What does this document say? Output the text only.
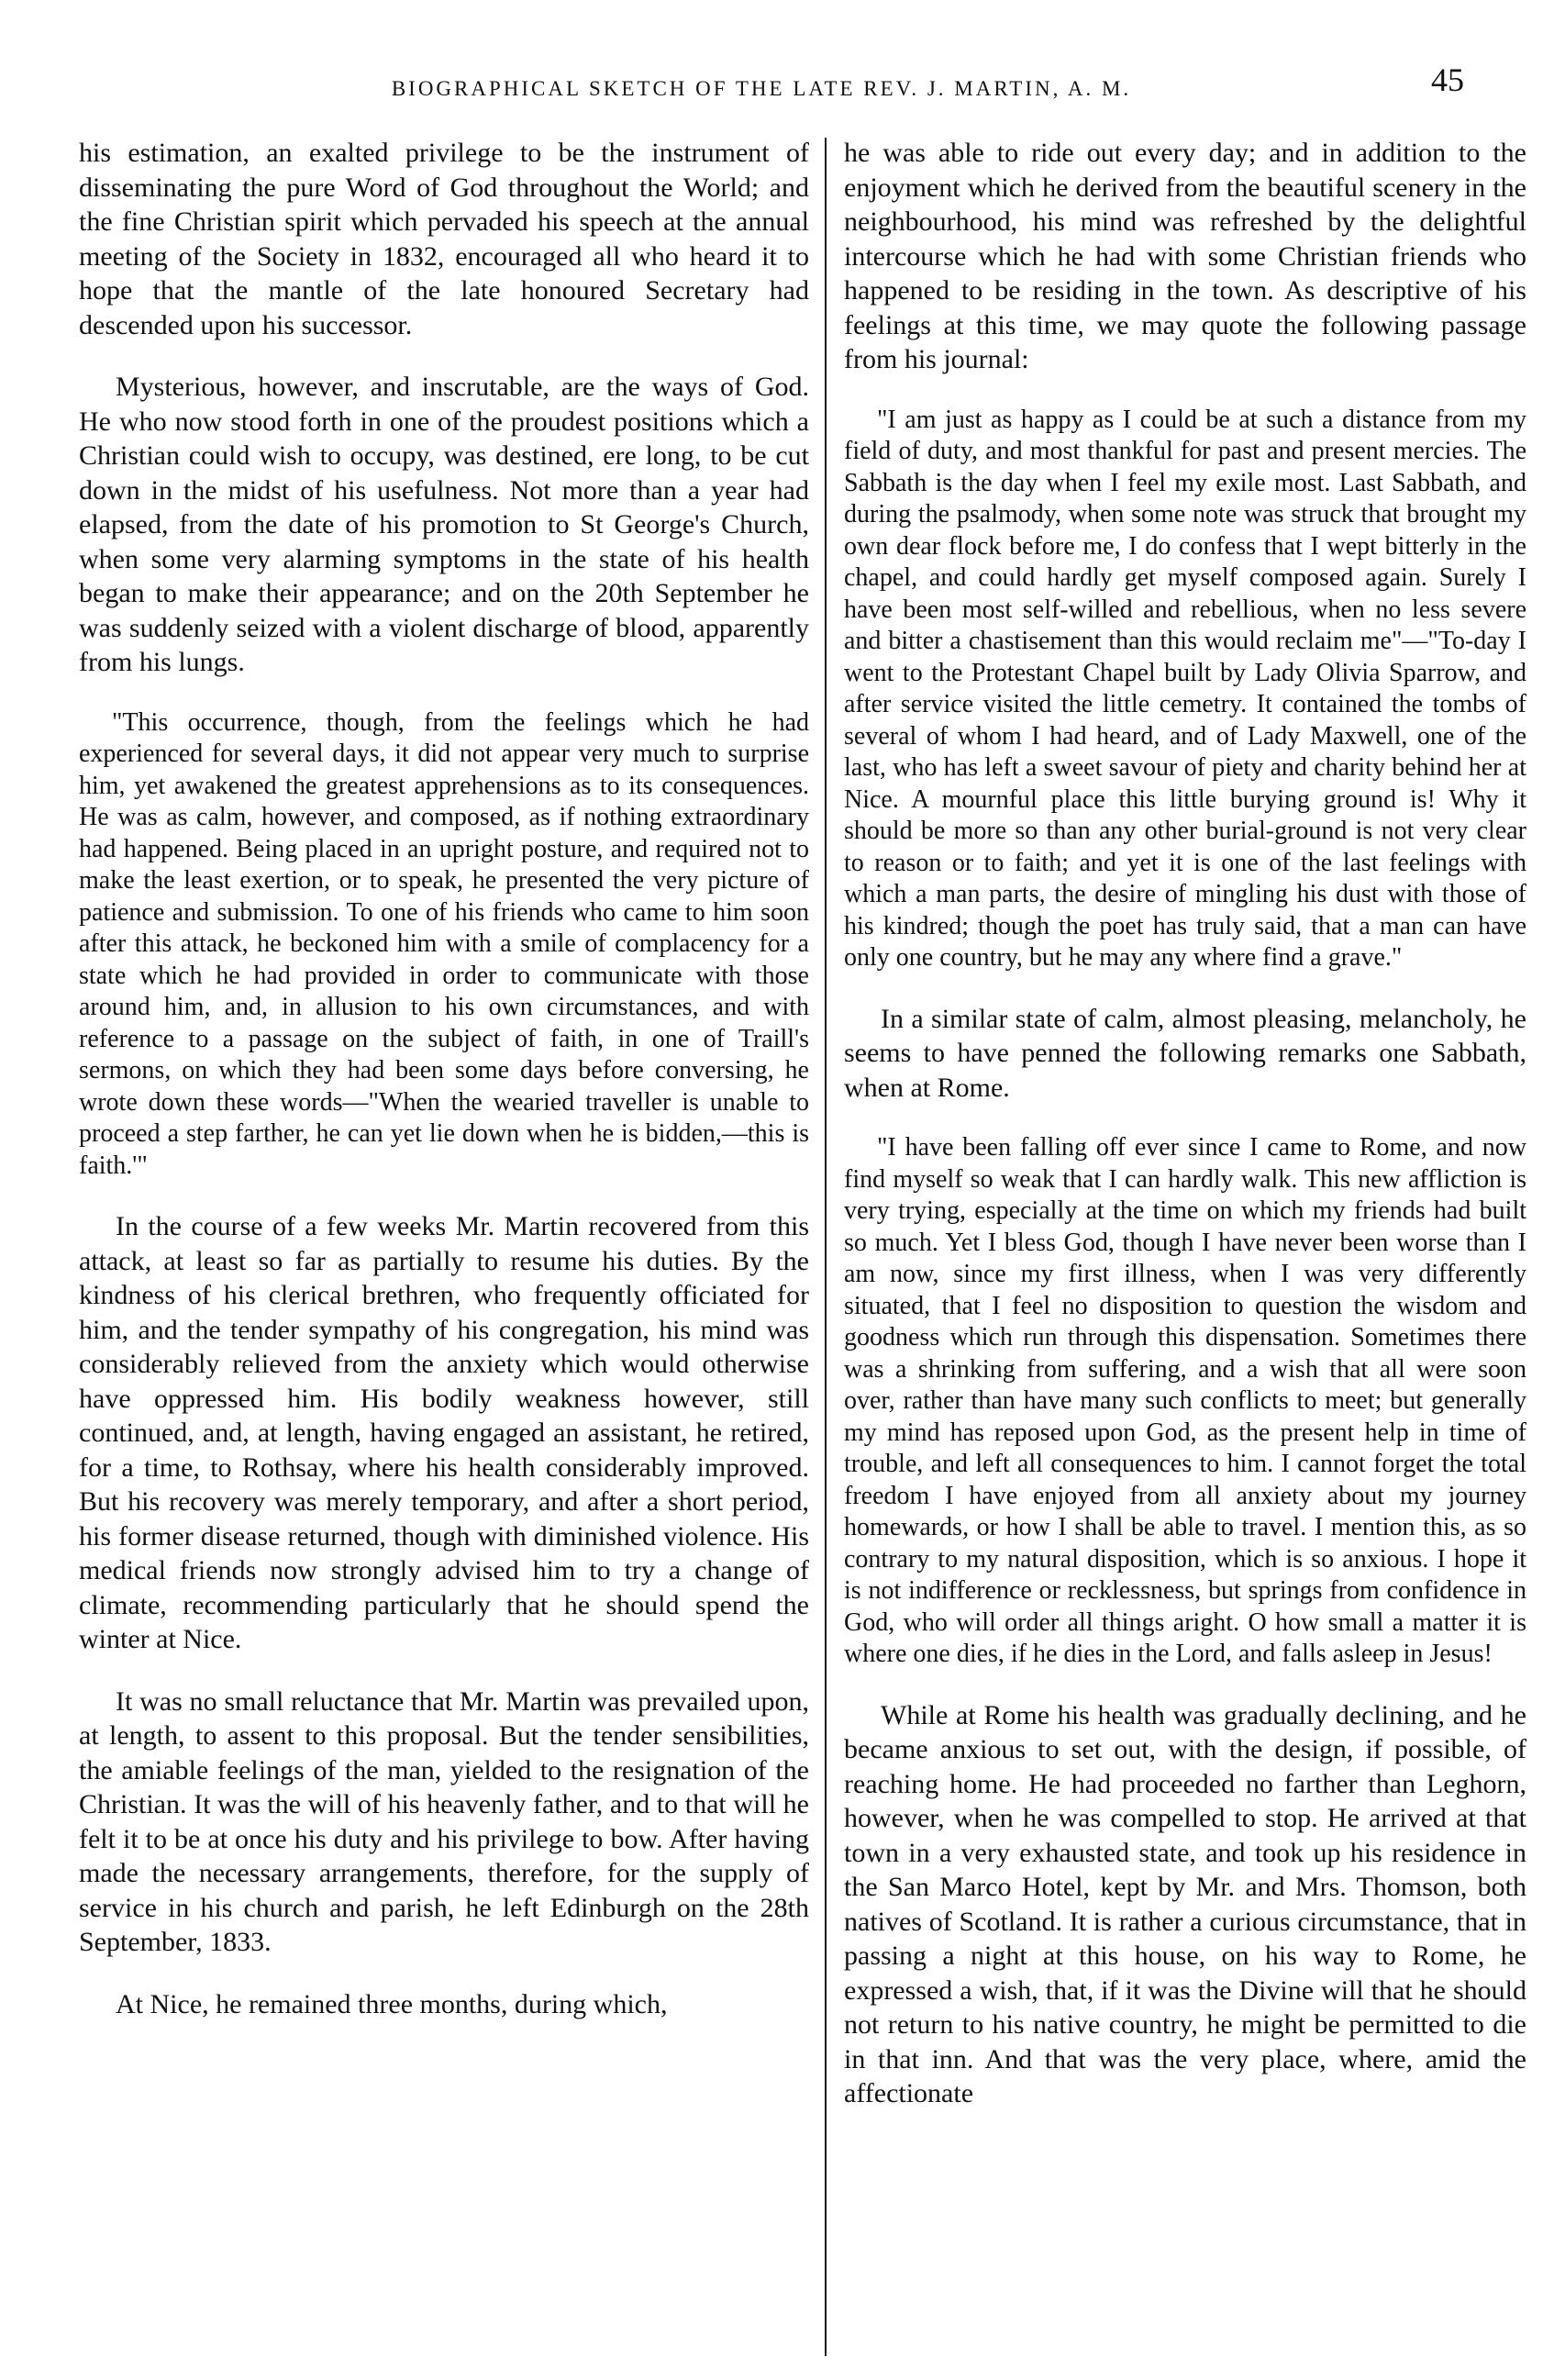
BIOGRAPHICAL SKETCH OF THE LATE REV. J. MARTIN, A. M.	45

his estimation, an exalted privilege to be the instrument of disseminating the pure Word of God throughout the World; and the fine Christian spirit which pervaded his speech at the annual meeting of the Society in 1832, encouraged all who heard it to hope that the mantle of the late honoured Secretary had descended upon his successor.

Mysterious, however, and inscrutable, are the ways of God. He who now stood forth in one of the proudest positions which a Christian could wish to occupy, was destined, ere long, to be cut down in the midst of his usefulness. Not more than a year had elapsed, from the date of his promotion to St George's Church, when some very alarming symptoms in the state of his health began to make their appearance; and on the 20th September he was suddenly seized with a violent discharge of blood, apparently from his lungs.

"This occurrence, though, from the feelings which he had experienced for several days, it did not appear very much to surprise him, yet awakened the greatest apprehensions as to its consequences. He was as calm, however, and composed, as if nothing extraordinary had happened. Being placed in an upright posture, and required not to make the least exertion, or to speak, he presented the very picture of patience and submission. To one of his friends who came to him soon after this attack, he beckoned him with a smile of complacency for a state which he had provided in order to communicate with those around him, and, in allusion to his own circumstances, and with reference to a passage on the subject of faith, in one of Traill's sermons, on which they had been some days before conversing, he wrote down these words—"When the wearied traveller is unable to proceed a step farther, he can yet lie down when he is bidden,—this is faith.'"

In the course of a few weeks Mr. Martin recovered from this attack, at least so far as partially to resume his duties. By the kindness of his clerical brethren, who frequently officiated for him, and the tender sympathy of his congregation, his mind was considerably relieved from the anxiety which would otherwise have oppressed him. His bodily weakness however, still continued, and, at length, having engaged an assistant, he retired, for a time, to Rothsay, where his health considerably improved. But his recovery was merely temporary, and after a short period, his former disease returned, though with diminished violence. His medical friends now strongly advised him to try a change of climate, recommending particularly that he should spend the winter at Nice.

It was no small reluctance that Mr. Martin was prevailed upon, at length, to assent to this proposal. But the tender sensibilities, the amiable feelings of the man, yielded to the resignation of the Christian. It was the will of his heavenly father, and to that will he felt it to be at once his duty and his privilege to bow. After having made the necessary arrangements, therefore, for the supply of service in his church and parish, he left Edinburgh on the 28th September, 1833.

At Nice, he remained three months, during which,

he was able to ride out every day; and in addition to the enjoyment which he derived from the beautiful scenery in the neighbourhood, his mind was refreshed by the delightful intercourse which he had with some Christian friends who happened to be residing in the town. As descriptive of his feelings at this time, we may quote the following passage from his journal:

"I am just as happy as I could be at such a distance from my field of duty, and most thankful for past and present mercies. The Sabbath is the day when I feel my exile most. Last Sabbath, and during the psalmody, when some note was struck that brought my own dear flock before me, I do confess that I wept bitterly in the chapel, and could hardly get myself composed again. Surely I have been most self-willed and rebellious, when no less severe and bitter a chastisement than this would reclaim me"—"To-day I went to the Protestant Chapel built by Lady Olivia Sparrow, and after service visited the little cemetry. It contained the tombs of several of whom I had heard, and of Lady Maxwell, one of the last, who has left a sweet savour of piety and charity behind her at Nice. A mournful place this little burying ground is! Why it should be more so than any other burial-ground is not very clear to reason or to faith; and yet it is one of the last feelings with which a man parts, the desire of mingling his dust with those of his kindred; though the poet has truly said, that a man can have only one country, but he may any where find a grave."

In a similar state of calm, almost pleasing, melancholy, he seems to have penned the following remarks one Sabbath, when at Rome.

"I have been falling off ever since I came to Rome, and now find myself so weak that I can hardly walk. This new affliction is very trying, especially at the time on which my friends had built so much. Yet I bless God, though I have never been worse than I am now, since my first illness, when I was very differently situated, that I feel no disposition to question the wisdom and goodness which run through this dispensation. Sometimes there was a shrinking from suffering, and a wish that all were soon over, rather than have many such conflicts to meet; but generally my mind has reposed upon God, as the present help in time of trouble, and left all consequences to him. I cannot forget the total freedom I have enjoyed from all anxiety about my journey homewards, or how I shall be able to travel. I mention this, as so contrary to my natural disposition, which is so anxious. I hope it is not indifference or recklessness, but springs from confidence in God, who will order all things aright. O how small a matter it is where one dies, if he dies in the Lord, and falls asleep in Jesus!

While at Rome his health was gradually declining, and he became anxious to set out, with the design, if possible, of reaching home. He had proceeded no farther than Leghorn, however, when he was compelled to stop. He arrived at that town in a very exhausted state, and took up his residence in the San Marco Hotel, kept by Mr. and Mrs. Thomson, both natives of Scotland. It is rather a curious circumstance, that in passing a night at this house, on his way to Rome, he expressed a wish, that, if it was the Divine will that he should not return to his native country, he might be permitted to die in that inn. And that was the very place, where, amid the affectionate
